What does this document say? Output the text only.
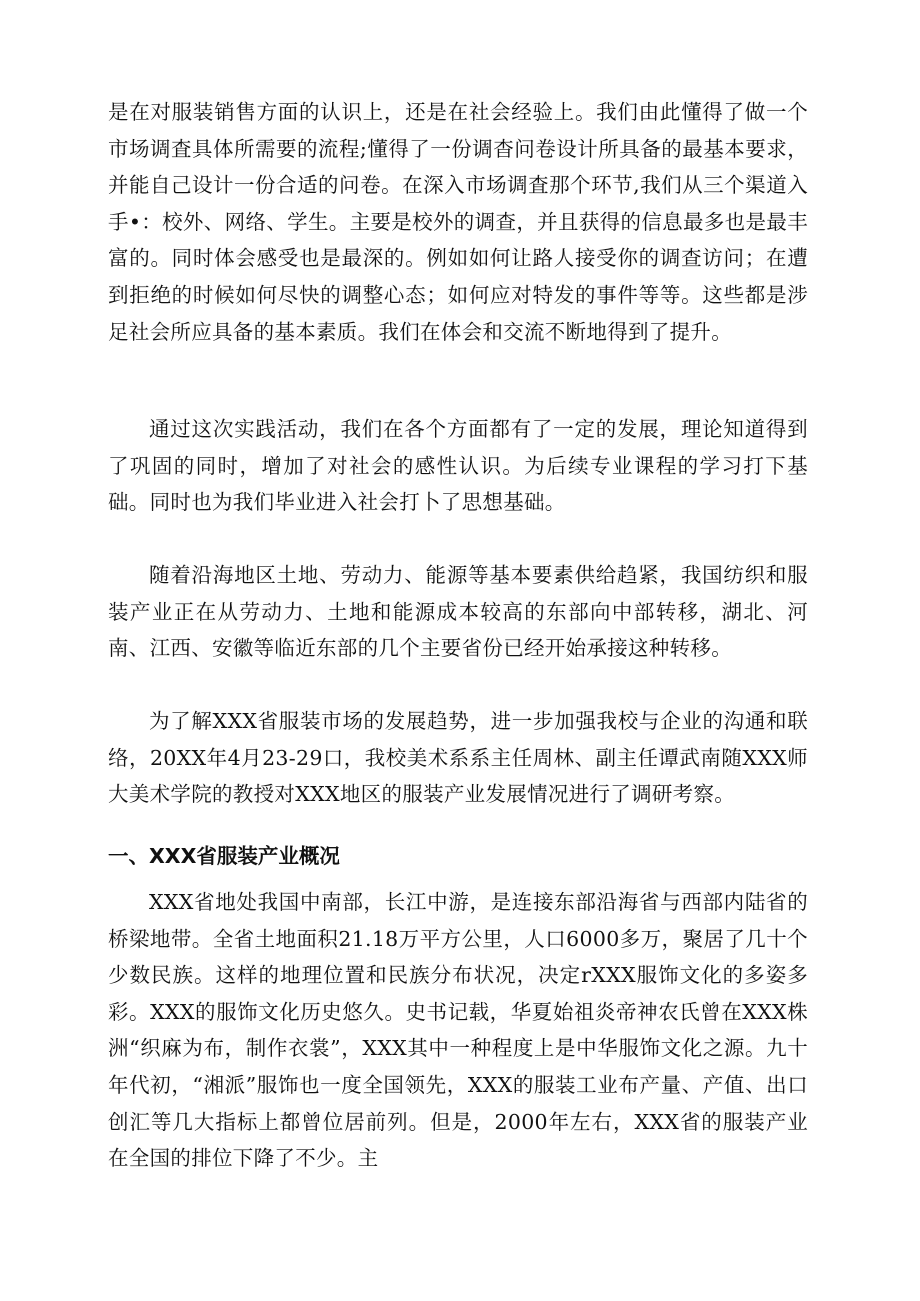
是在对服装销售方面的认识上，还是在社会经验上。我们由此懂得了做一个市场调査具体所需要的流程;懂得了一份调杳问卷设计所具备的最基本要求，并能自己设计一份合适的问卷。在深入市场调査那个环节,我们从三个渠道入手•：校外、网络、学生。主要是校外的调查，并且获得的信息最多也是最丰富的。同时体会感受也是最深的。例如如何让路人接受你的调查访问；在遭到拒绝的时候如何尽快的调整心态；如何应对特发的事件等等。这些都是涉足社会所应具备的基本素质。我们在体会和交流不断地得到了提升。

通过这次实践活动，我们在各个方面都有了一定的发展，理论知道得到了巩固的同时，增加了对社会的感性认识。为后续专业课程的学习打下基础。同时也为我们毕业进入社会打卜了思想基础。

随着沿海地区土地、劳动力、能源等基本要素供给趋紧，我国纺织和服装产业正在从劳动力、土地和能源成本较高的东部向中部转移，湖北、河南、江西、安徽等临近东部的几个主要省份已经开始承接这种转移。

为了解XXX省服装市场的发展趋势，进一步加强我校与企业的沟通和联络，20XX年4月23-29口，我校美术系系主任周林、副主任谭武南随XXX师大美术学院的教授对XXX地区的服装产业发展情况进行了调研考察。

一、XXX省服装产业概况

XXX省地处我国中南部，长江中游，是连接东部沿海省与西部内陆省的桥梁地带。全省土地面积21.18万平方公里，人口6000多万，聚居了几十个少数民族。这样的地理位置和民族分布状况，决定rXXX服饰文化的多姿多彩。XXX的服饰文化历史悠久。史书记载，华夏始祖炎帝神农氏曾在XXX株洲“织麻为布，制作衣裳”，XXX其中一种程度上是中华服饰文化之源。九十年代初，“湘派”服饰也一度全国领先，XXX的服装工业布产量、产值、出口创汇等几大指标上都曾位居前列。但是，2000年左右，XXX省的服装产业在全国的排位下降了不少。主
